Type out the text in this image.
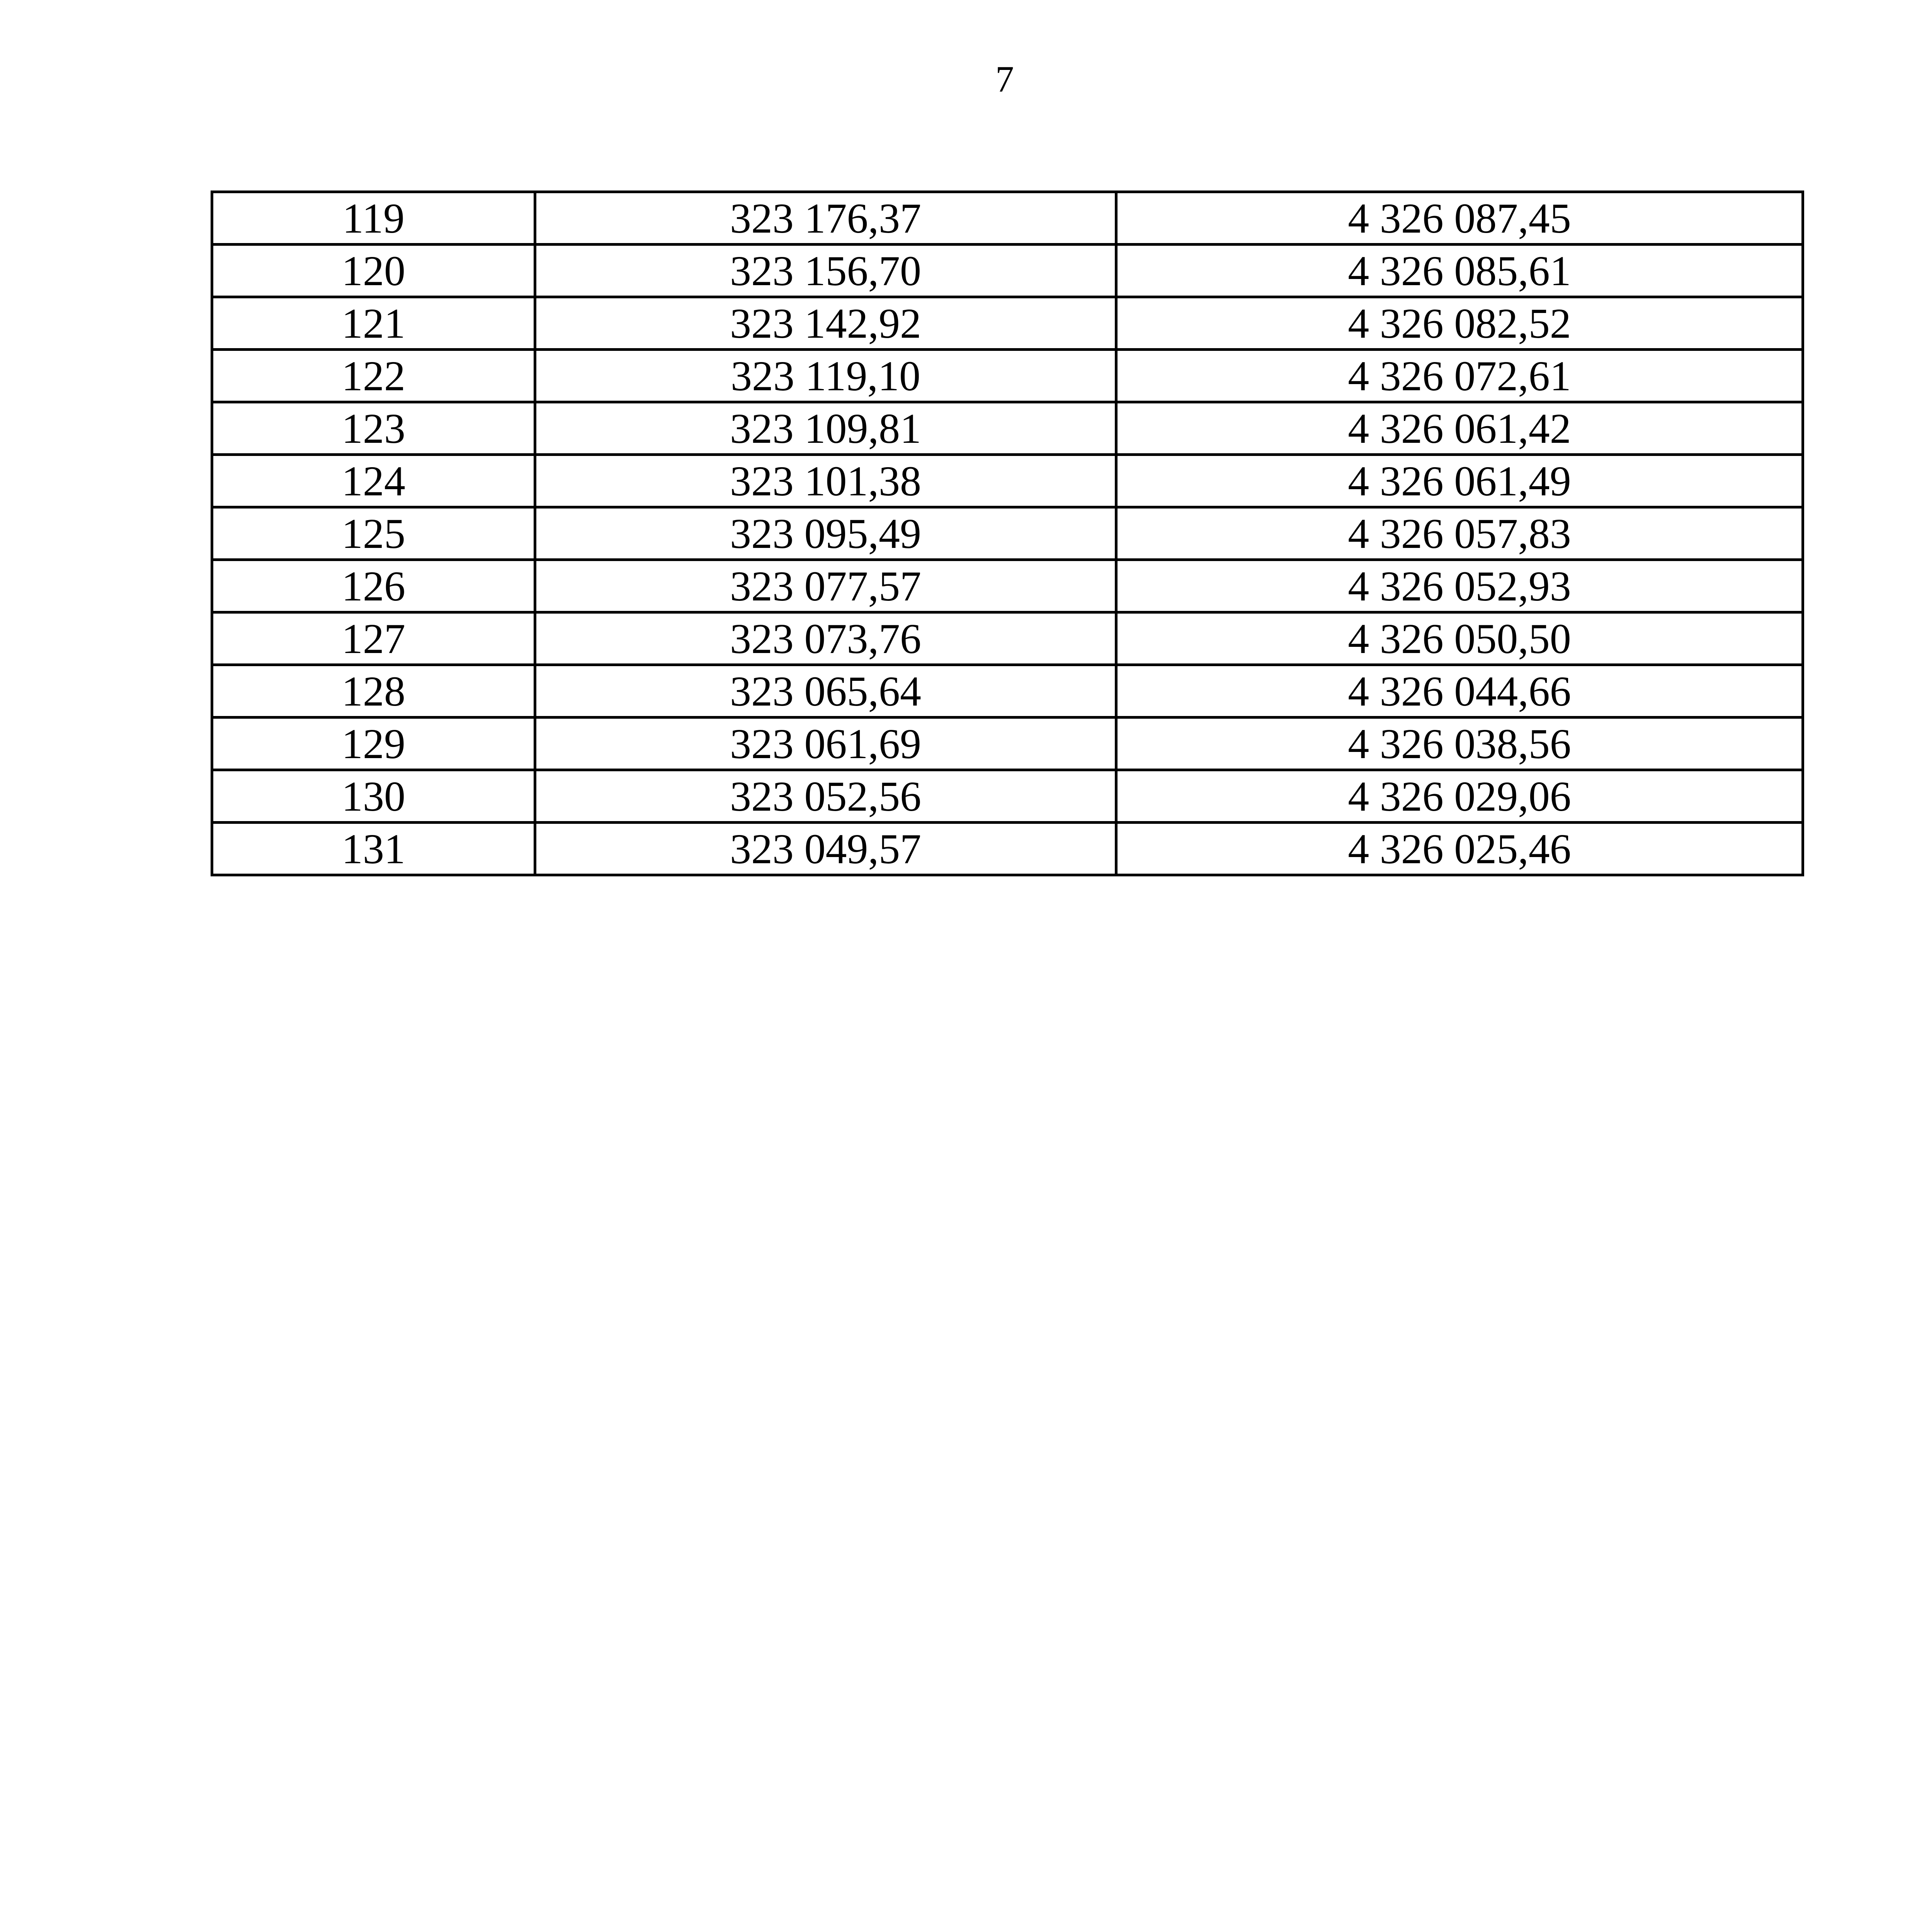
7
119	323 176,37	4 326 087,45
120	323 156,70	4 326 085,61
121	323 142,92	4 326 082,52
122	323 119,10	4 326 072,61
123	323 109,81	4 326 061,42
124	323 101,38	4 326 061,49
125	323 095,49	4 326 057,83
126	323 077,57	4 326 052,93
127	323 073,76	4 326 050,50
128	323 065,64	4 326 044,66
129	323 061,69	4 326 038,56
130	323 052,56	4 326 029,06
131	323 049,57	4 326 025,46
